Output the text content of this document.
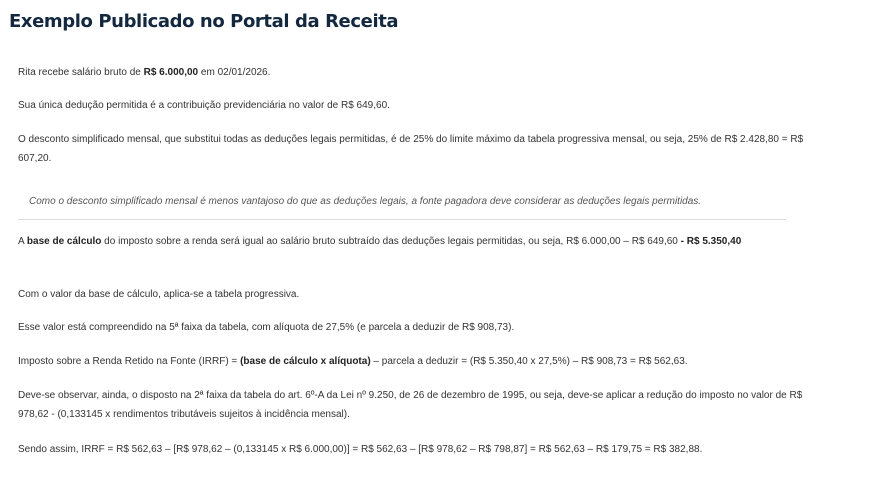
Exemplo Publicado no Portal da Receita

Rita recebe salário bruto de R$ 6.000,00 em 02/01/2026.

Sua única dedução permitida é a contribuição previdenciária no valor de R$ 649,60.

O desconto simplificado mensal, que substitui todas as deduções legais permitidas, é de 25% do limite máximo da tabela progressiva mensal, ou seja, 25% de R$ 2.428,80 = R$ 607,20.

Como o desconto simplificado mensal é menos vantajoso do que as deduções legais, a fonte pagadora deve considerar as deduções legais permitidas.

A base de cálculo do imposto sobre a renda será igual ao salário bruto subtraído das deduções legais permitidas, ou seja, R$ 6.000,00 – R$ 649,60 - R$ 5.350,40

Com o valor da base de cálculo, aplica-se a tabela progressiva.

Esse valor está compreendido na 5ª faixa da tabela, com alíquota de 27,5% (e parcela a deduzir de R$ 908,73).

Imposto sobre a Renda Retido na Fonte (IRRF) = (base de cálculo x alíquota) – parcela a deduzir = (R$ 5.350,40 x 27,5%) – R$ 908,73 = R$ 562,63.

Deve-se observar, ainda, o disposto na 2ª faixa da tabela do art. 6º-A da Lei nº 9.250, de 26 de dezembro de 1995, ou seja, deve-se aplicar a redução do imposto no valor de R$ 978,62 - (0,133145 x rendimentos tributáveis sujeitos à incidência mensal).

Sendo assim, IRRF = R$ 562,63 – [R$ 978,62 – (0,133145 x R$ 6.000,00)] = R$ 562,63 – [R$ 978,62 – R$ 798,87] = R$ 562,63 – R$ 179,75 = R$ 382,88.
